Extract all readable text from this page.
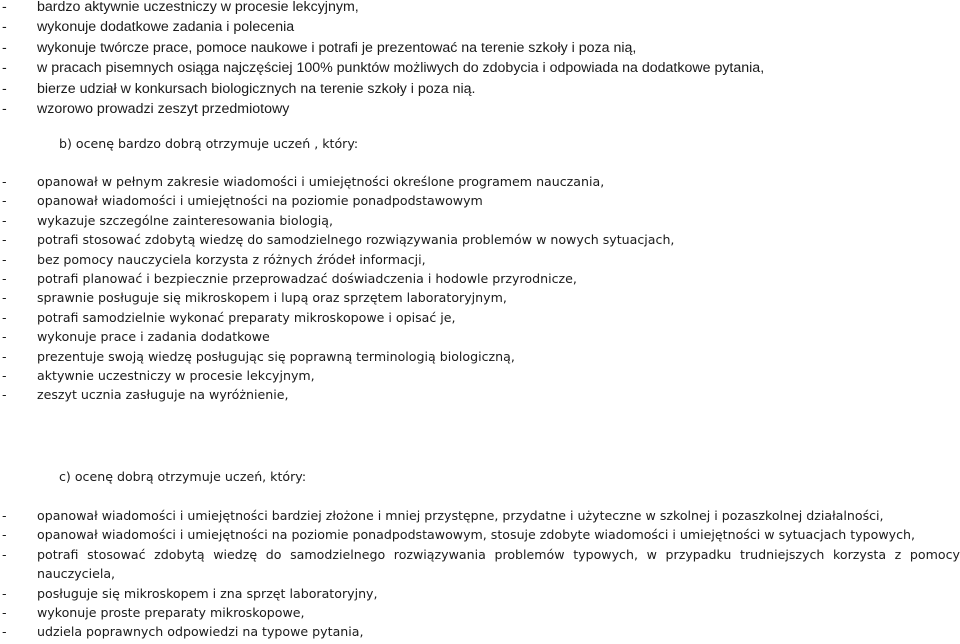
- bardzo aktywnie uczestniczy w procesie lekcyjnym,
- wykonuje dodatkowe zadania i polecenia
- wykonuje twórcze prace, pomoce naukowe i potrafi je prezentować na terenie szkoły i poza nią,
- w pracach pisemnych osiąga najczęściej 100% punktów możliwych do zdobycia i odpowiada na dodatkowe pytania,
- bierze udział w konkursach biologicznych na terenie szkoły i poza nią.
- wzorowo prowadzi zeszyt przedmiotowy

b) ocenę bardzo dobrą otrzymuje uczeń , który:

- opanował w pełnym zakresie wiadomości i umiejętności określone programem nauczania,
- opanował wiadomości i umiejętności na poziomie ponadpodstawowym
- wykazuje szczególne zainteresowania biologią,
- potrafi stosować zdobytą wiedzę do samodzielnego rozwiązywania problemów w nowych sytuacjach,
- bez pomocy nauczyciela korzysta z różnych źródeł informacji,
- potrafi planować i bezpiecznie przeprowadzać doświadczenia i hodowle przyrodnicze,
- sprawnie posługuje się mikroskopem i lupą oraz sprzętem laboratoryjnym,
- potrafi samodzielnie wykonać preparaty mikroskopowe i opisać je,
- wykonuje prace i zadania dodatkowe
- prezentuje swoją wiedzę posługując się poprawną terminologią biologiczną,
- aktywnie uczestniczy w procesie lekcyjnym,
- zeszyt ucznia zasługuje na wyróżnienie,

c) ocenę dobrą otrzymuje uczeń, który:

- opanował wiadomości i umiejętności bardziej złożone i mniej przystępne, przydatne i użyteczne w szkolnej i pozaszkolnej działalności,
- opanował wiadomości i umiejętności na poziomie ponadpodstawowym, stosuje zdobyte wiadomości i umiejętności w sytuacjach typowych,
- potrafi stosować zdobytą wiedzę do samodzielnego rozwiązywania problemów typowych, w przypadku trudniejszych korzysta z pomocy nauczyciela,
- posługuje się mikroskopem i zna sprzęt laboratoryjny,
- wykonuje proste preparaty mikroskopowe,
- udziela poprawnych odpowiedzi na typowe pytania,
